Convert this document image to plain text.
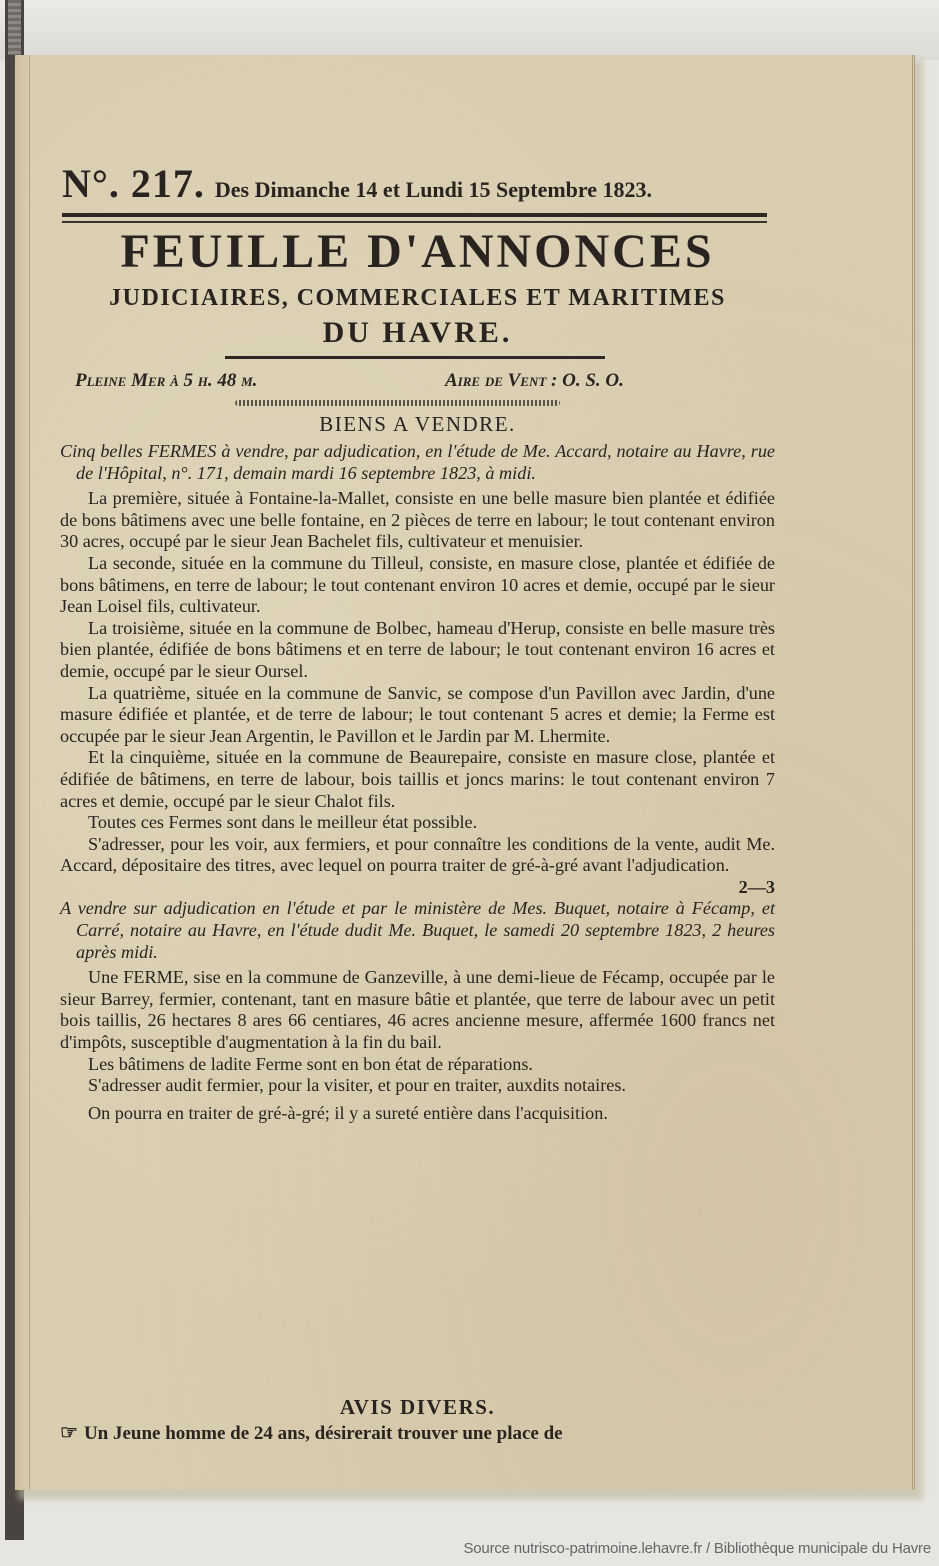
N°. 217. Des Dimanche 14 et Lundi 15 Septembre 1823.
FEUILLE D'ANNONCES
JUDICIAIRES, COMMERCIALES ET MARITIMES
DU HAVRE.
Pleine Mer à 5 h. 48 m.	Aire de Vent : O. S. O.
BIENS A VENDRE.

Cinq belles FERMES à vendre, par adjudication, en l'étude de Me. Accard, notaire au Havre, rue de l'Hôpital, n°. 171, demain mardi 16 septembre 1823, à midi.

La première, située à Fontaine-la-Mallet, consiste en une belle masure bien plantée et édifiée de bons bâtimens avec une belle fontaine, en 2 pièces de terre en labour; le tout contenant environ 30 acres, occupé par le sieur Jean Bachelet fils, cultivateur et menuisier.

La seconde, située en la commune du Tilleul, consiste, en masure close, plantée et édifiée de bons bâtimens, en terre de labour; le tout contenant environ 10 acres et demie, occupé par le sieur Jean Loisel fils, cultivateur.

La troisième, située en la commune de Bolbec, hameau d'Herup, consiste en belle masure très bien plantée, édifiée de bons bâtimens et en terre de labour; le tout contenant environ 16 acres et demie, occupé par le sieur Oursel.

La quatrième, située en la commune de Sanvic, se compose d'un Pavillon avec Jardin, d'une masure édifiée et plantée, et de terre de labour; le tout contenant 5 acres et demie; la Ferme est occupée par le sieur Jean Argentin, le Pavillon et le Jardin par M. Lhermite.

Et la cinquième, située en la commune de Beaurepaire, consiste en masure close, plantée et édifiée de bâtimens, en terre de labour, bois taillis et joncs marins: le tout contenant environ 7 acres et demie, occupé par le sieur Chalot fils.

Toutes ces Fermes sont dans le meilleur état possible.

S'adresser, pour les voir, aux fermiers, et pour connaître les conditions de la vente, audit Me. Accard, dépositaire des titres, avec lequel on pourra traiter de gré-à-gré avant l'adjudication.

2—3

A vendre sur adjudication en l'étude et par le ministère de Mes. Buquet, notaire à Fécamp, et Carré, notaire au Havre, en l'étude dudit Me. Buquet, le samedi 20 septembre 1823, 2 heures après midi.

Une FERME, sise en la commune de Ganzeville, à une demi-lieue de Fécamp, occupée par le sieur Barrey, fermier, contenant, tant en masure bâtie et plantée, que terre de labour avec un petit bois taillis, 26 hectares 8 ares 66 centiares, 46 acres ancienne mesure, affermée 1600 francs net d'impôts, susceptible d'augmentation à la fin du bail.

Les bâtimens de ladite Ferme sont en bon état de réparations.

S'adresser audit fermier, pour la visiter, et pour en traiter, auxdits notaires.

On pourra en traiter de gré-à-gré; il y a sureté entière dans l'acquisition.

AVIS DIVERS.

☞ Un Jeune homme de 24 ans, désirerait trouver une place de

Source nutrisco-patrimoine.lehavre.fr / Bibliothèque municipale du Havre
